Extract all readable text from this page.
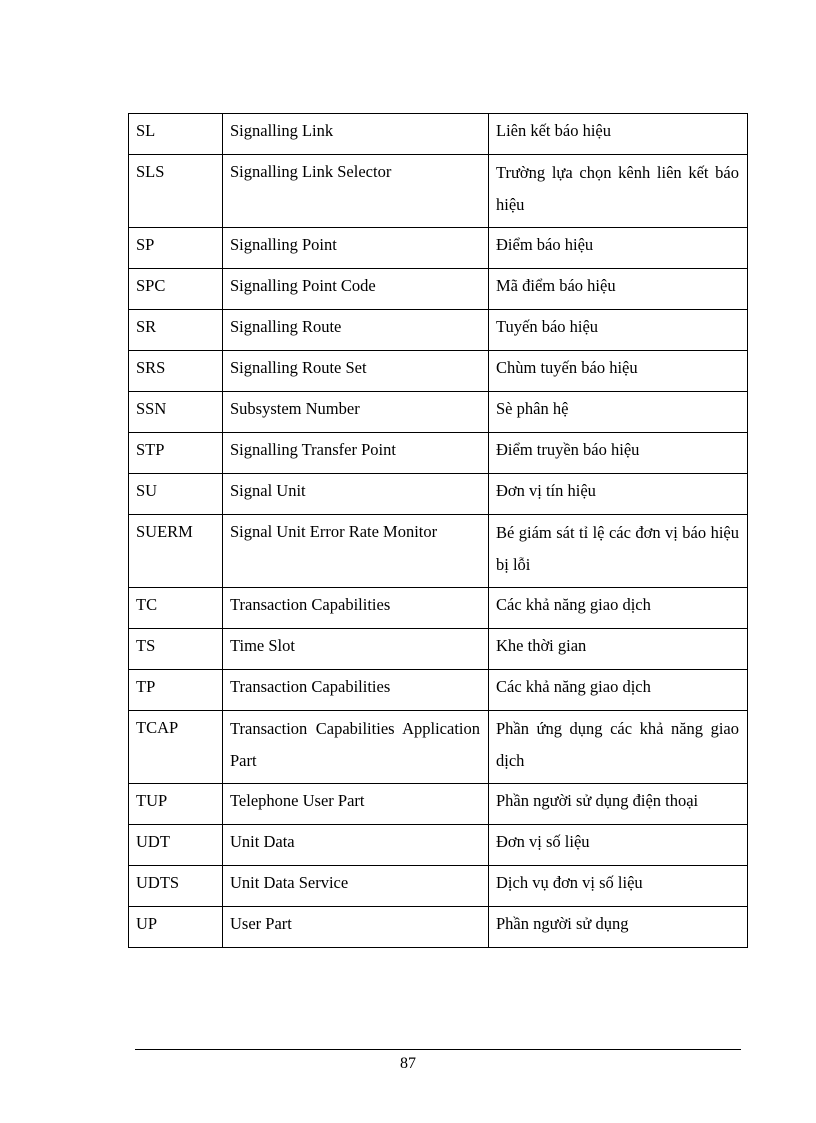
SL	Signalling Link	Liên kết báo hiệu
SLS	Signalling Link Selector	Trường lựa chọn kênh liên kết báo hiệu
SP	Signalling Point	Điểm báo hiệu
SPC	Signalling Point Code	Mã điểm báo hiệu
SR	Signalling Route	Tuyến báo hiệu
SRS	Signalling Route Set	Chùm tuyến báo hiệu
SSN	Subsystem Number	Sè phân hệ
STP	Signalling Transfer Point	Điểm truyền báo hiệu
SU	Signal Unit	Đơn vị tín hiệu
SUERM	Signal Unit Error Rate Monitor	Bé giám sát tỉ lệ các đơn vị báo hiệu bị lỗi
TC	Transaction Capabilities	Các khả năng giao dịch
TS	Time Slot	Khe thời gian
TP	Transaction Capabilities	Các khả năng giao dịch
TCAP	Transaction Capabilities Application Part	Phần ứng dụng các khả năng giao dịch
TUP	Telephone User Part	Phần người sử dụng điện thoại
UDT	Unit Data	Đơn vị số liệu
UDTS	Unit Data Service	Dịch vụ đơn vị số liệu
UP	User Part	Phần người sử dụng
87
